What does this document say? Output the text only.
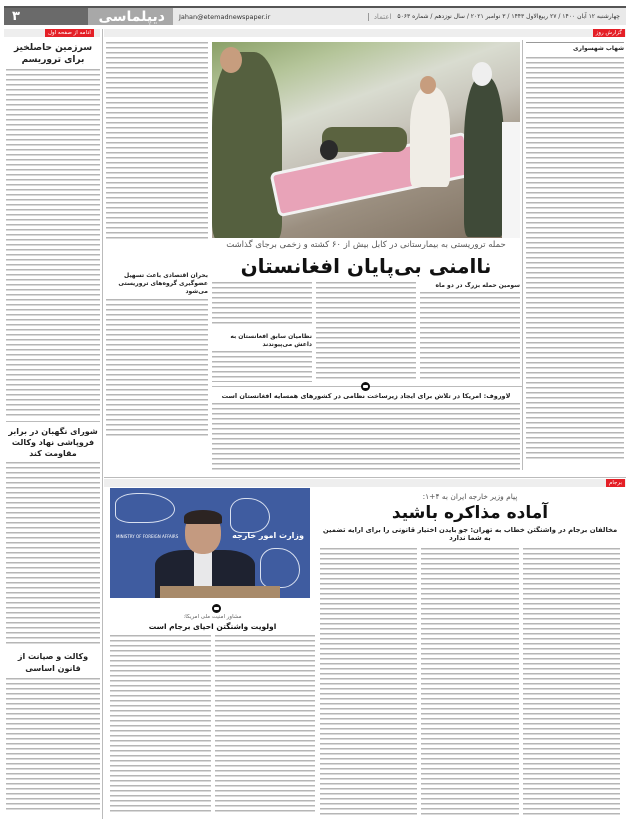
۳	دیپلماسی	Jahan@etemadnewspaper.ir	چهارشنبه ۱۲ آبان ۱۴۰۰ / ۲۷ ربیع‌الاول ۱۴۴۳ / ۳ نوامبر ۲۰۲۱ / سال نوزدهم / شماره ۵۰۶۳
اعتماد
ادامه از صفحه اول	گزارش روز
سرزمین حاصلخیز برای تروریسم
شورای نگهبان در برابر فروپاشی نهاد وکالت مقاومت کند
وکالت و صیانت از قانون اساسی
بحران اقتصادی باعث تسهیل عضوگیری گروه‌های تروریستی می‌شود
حمله تروریستی به بیمارستانی در کابل بیش از ۶۰ کشته و زخمی برجای گذاشت
ناامنی بی‌پایان افغانستان
سومین حمله بزرگ در دو ماه
نظامیان سابق افغانستان به داعش می‌پیوندند
لاوروف: امریکا در تلاش برای ایجاد زیرساخت نظامی در کشورهای همسایه افغانستان است
شهاب شهسواری
برجام
پیام وزیر خارجه ایران به ۴+۱:
آماده مذاکره باشید
مخالفان برجام در واشنگتن خطاب به تهران: جو بایدن اختیار قانونی را برای ارایه تضمین به شما ندارد
وزارت امور خارجه
MINISTRY OF FOREIGN AFFAIRS
مشاور امنیت ملی امریکا:
اولویت واشنگتن احیای برجام است
